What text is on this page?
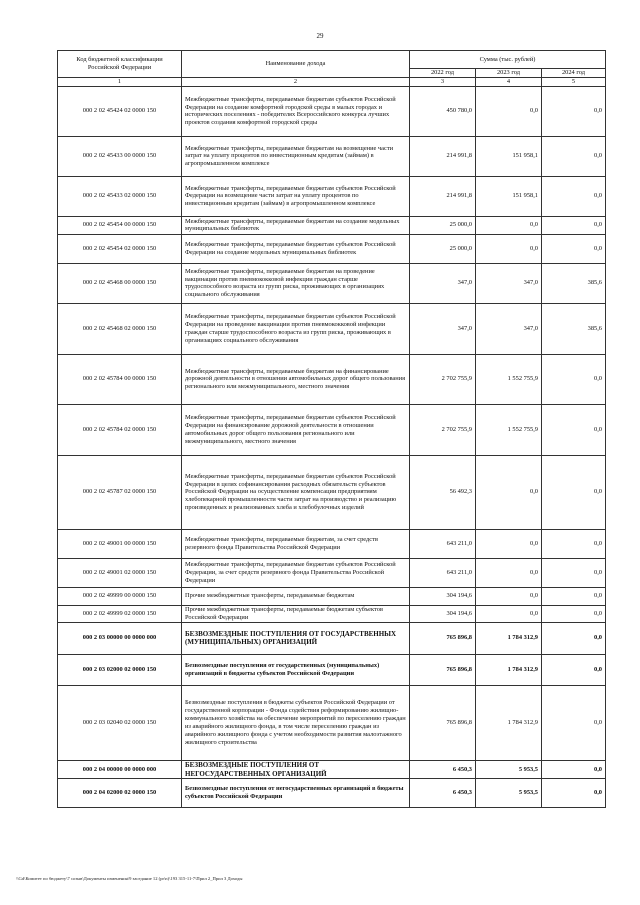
29
Код бюджетной классификации Российской Федерации	Наименование дохода	Сумма (тыс. рублей)		
		2022 год	2023 год	2024 год
1	2	3	4	5
000 2 02 45424 02 0000 150	Межбюджетные трансферты, передаваемые бюджетам субъектов Российской Федерации на создание комфортной городской среды в малых городах и исторических поселениях - победителях Всероссийского конкурса лучших проектов создания комфортной городской среды	450 780,0	0,0	0,0
000 2 02 45433 00 0000 150	Межбюджетные трансферты, передаваемые бюджетам на возмещение части затрат на уплату процентов по инвестиционным кредитам (займам) в агропромышленном комплексе	214 991,8	151 958,1	0,0
000 2 02 45433 02 0000 150	Межбюджетные трансферты, передаваемые бюджетам субъектов Российской Федерации на возмещение части затрат на уплату процентов по инвестиционным кредитам (займам) в агропромышленном комплексе	214 991,8	151 958,1	0,0
000 2 02 45454 00 0000 150	Межбюджетные трансферты, передаваемые бюджетам на создание модельных муниципальных библиотек	25 000,0	0,0	0,0
000 2 02 45454 02 0000 150	Межбюджетные трансферты, передаваемые бюджетам субъектов Российской Федерации на создание модельных муниципальных библиотек	25 000,0	0,0	0,0
000 2 02 45468 00 0000 150	Межбюджетные трансферты, передаваемые бюджетам на проведение вакцинации против пневмококковой инфекции граждан старше трудоспособного возраста из групп риска, проживающих в организациях социального обслуживания	347,0	347,0	385,6
000 2 02 45468 02 0000 150	Межбюджетные трансферты, передаваемые бюджетам субъектов Российской Федерации на проведение вакцинации против пневмококковой инфекции граждан старше трудоспособного возраста из групп риска, проживающих в организациях социального обслуживания	347,0	347,0	385,6
000 2 02 45784 00 0000 150	Межбюджетные трансферты, передаваемые бюджетам на финансирование дорожной деятельности в отношении автомобильных дорог общего пользования регионального или межмуниципального, местного значения	2 702 755,9	1 552 755,9	0,0
000 2 02 45784 02 0000 150	Межбюджетные трансферты, передаваемые бюджетам субъектов Российской Федерации на финансирование дорожной деятельности в отношении автомобильных дорог общего пользования регионального или межмуниципального, местного значения	2 702 755,9	1 552 755,9	0,0
000 2 02 45787 02 0000 150	Межбюджетные трансферты, передаваемые бюджетам субъектов Российской Федерации в целях софинансирования расходных обязательств субъектов Российской Федерации на осуществление компенсации предприятиям хлебопекарной промышленности части затрат на производство и реализацию произведенных и реализованных хлеба и хлебобулочных изделий	56 492,3	0,0	0,0
000 2 02 49001 00 0000 150	Межбюджетные трансферты, передаваемые бюджетам, за счет средств резервного фонда Правительства Российской Федерации	643 211,0	0,0	0,0
000 2 02 49001 02 0000 150	Межбюджетные трансферты, передаваемые бюджетам субъектов Российской Федерации, за счет средств резервного фонда Правительства Российской Федерации	643 211,0	0,0	0,0
000 2 02 49999 00 0000 150	Прочие межбюджетные трансферты, передаваемые бюджетам	304 194,6	0,0	0,0
000 2 02 49999 02 0000 150	Прочие межбюджетные трансферты, передаваемые бюджетам субъектов Российской Федерации	304 194,6	0,0	0,0
000 2 03 00000 00 0000 000	БЕЗВОЗМЕЗДНЫЕ ПОСТУПЛЕНИЯ ОТ ГОСУДАРСТВЕННЫХ (МУНИЦИПАЛЬНЫХ) ОРГАНИЗАЦИЙ	765 896,8	1 784 312,9	0,0
000 2 03 02000 02 0000 150	Безвозмездные поступления от государственных (муниципальных) организаций в бюджеты субъектов Российской Федерации	765 896,8	1 784 312,9	0,0
000 2 03 02040 02 0000 150	Безвозмездные поступления в бюджеты субъектов Российской Федерации от государственной корпорации - Фонда содействия реформированию жилищно-коммунального хозяйства на обеспечение мероприятий по переселению граждан из аварийного жилищного фонда, в том числе переселению граждан из аварийного жилищного фонда с учетом необходимости развития малоэтажного жилищного строительства	765 896,8	1 784 312,9	0,0
000 2 04 00000 00 0000 000	БЕЗВОЗМЕЗДНЫЕ ПОСТУПЛЕНИЯ ОТ НЕГОСУДАРСТВЕННЫХ ОРГАНИЗАЦИЙ	6 450,3	5 953,5	0,0
000 2 04 02000 02 0000 150	Безвозмездные поступления от негосударственных организаций в бюджеты субъектов Российской Федерации	6 450,3	5 953,5	0,0
\\Gd\Комитет по бюджету\7 созыв\Документы изменения\9 заседание 12 (pr\n)\193 315-11-7\Прил 2_Прил 3 Доходы
